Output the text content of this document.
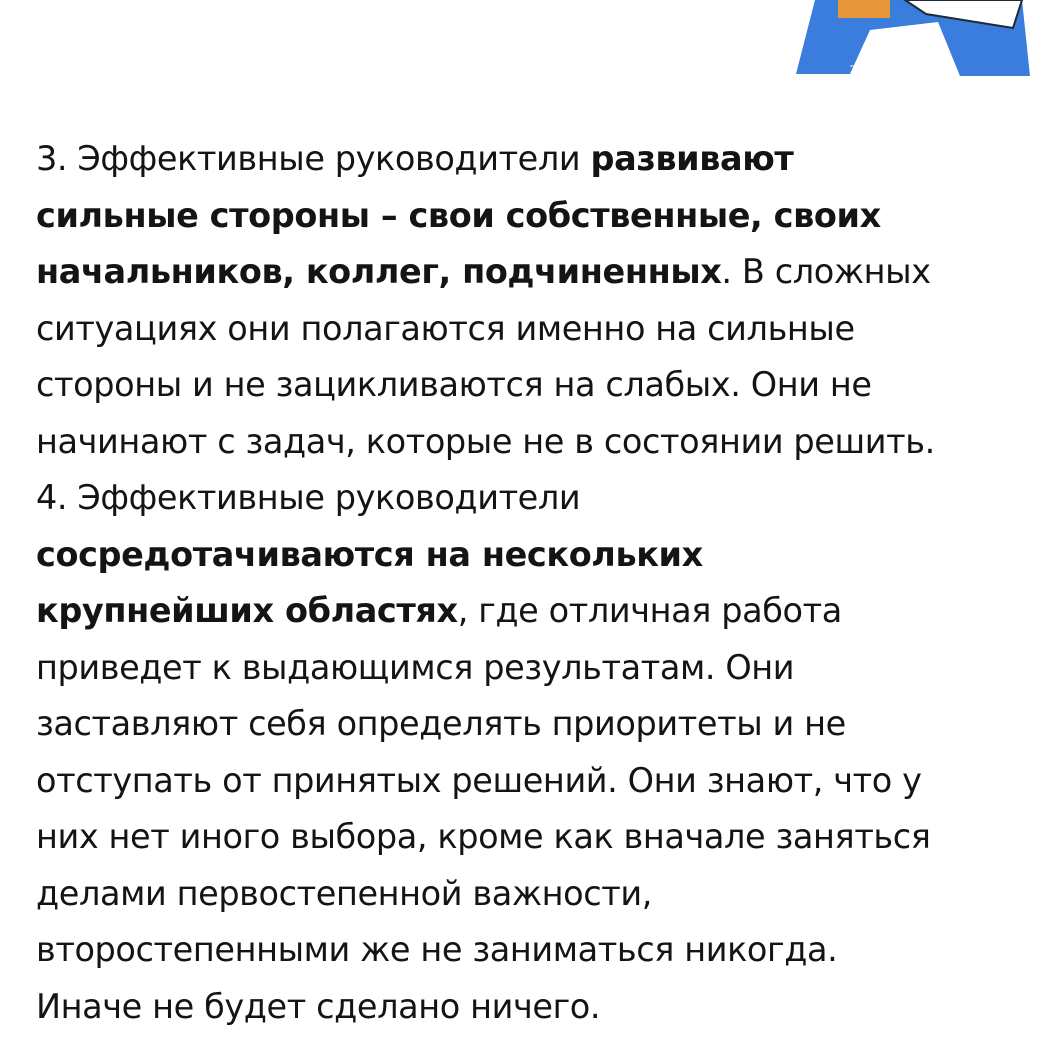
3. Эффективные руководители развивают
сильные стороны – свои собственные, своих
начальников, коллег, подчиненных. В сложных
ситуациях они полагаются именно на сильные
стороны и не зацикливаются на слабых. Они не
начинают с задач, которые не в состоянии решить.
4. Эффективные руководители
сосредотачиваются на нескольких
крупнейших областях, где отличная работа
приведет к выдающимся результатам. Они
заставляют себя определять приоритеты и не
отступать от принятых решений. Они знают, что у
них нет иного выбора, кроме как вначале заняться
делами первостепенной важности,
второстепенными же не заниматься никогда.
Иначе не будет сделано ничего.
